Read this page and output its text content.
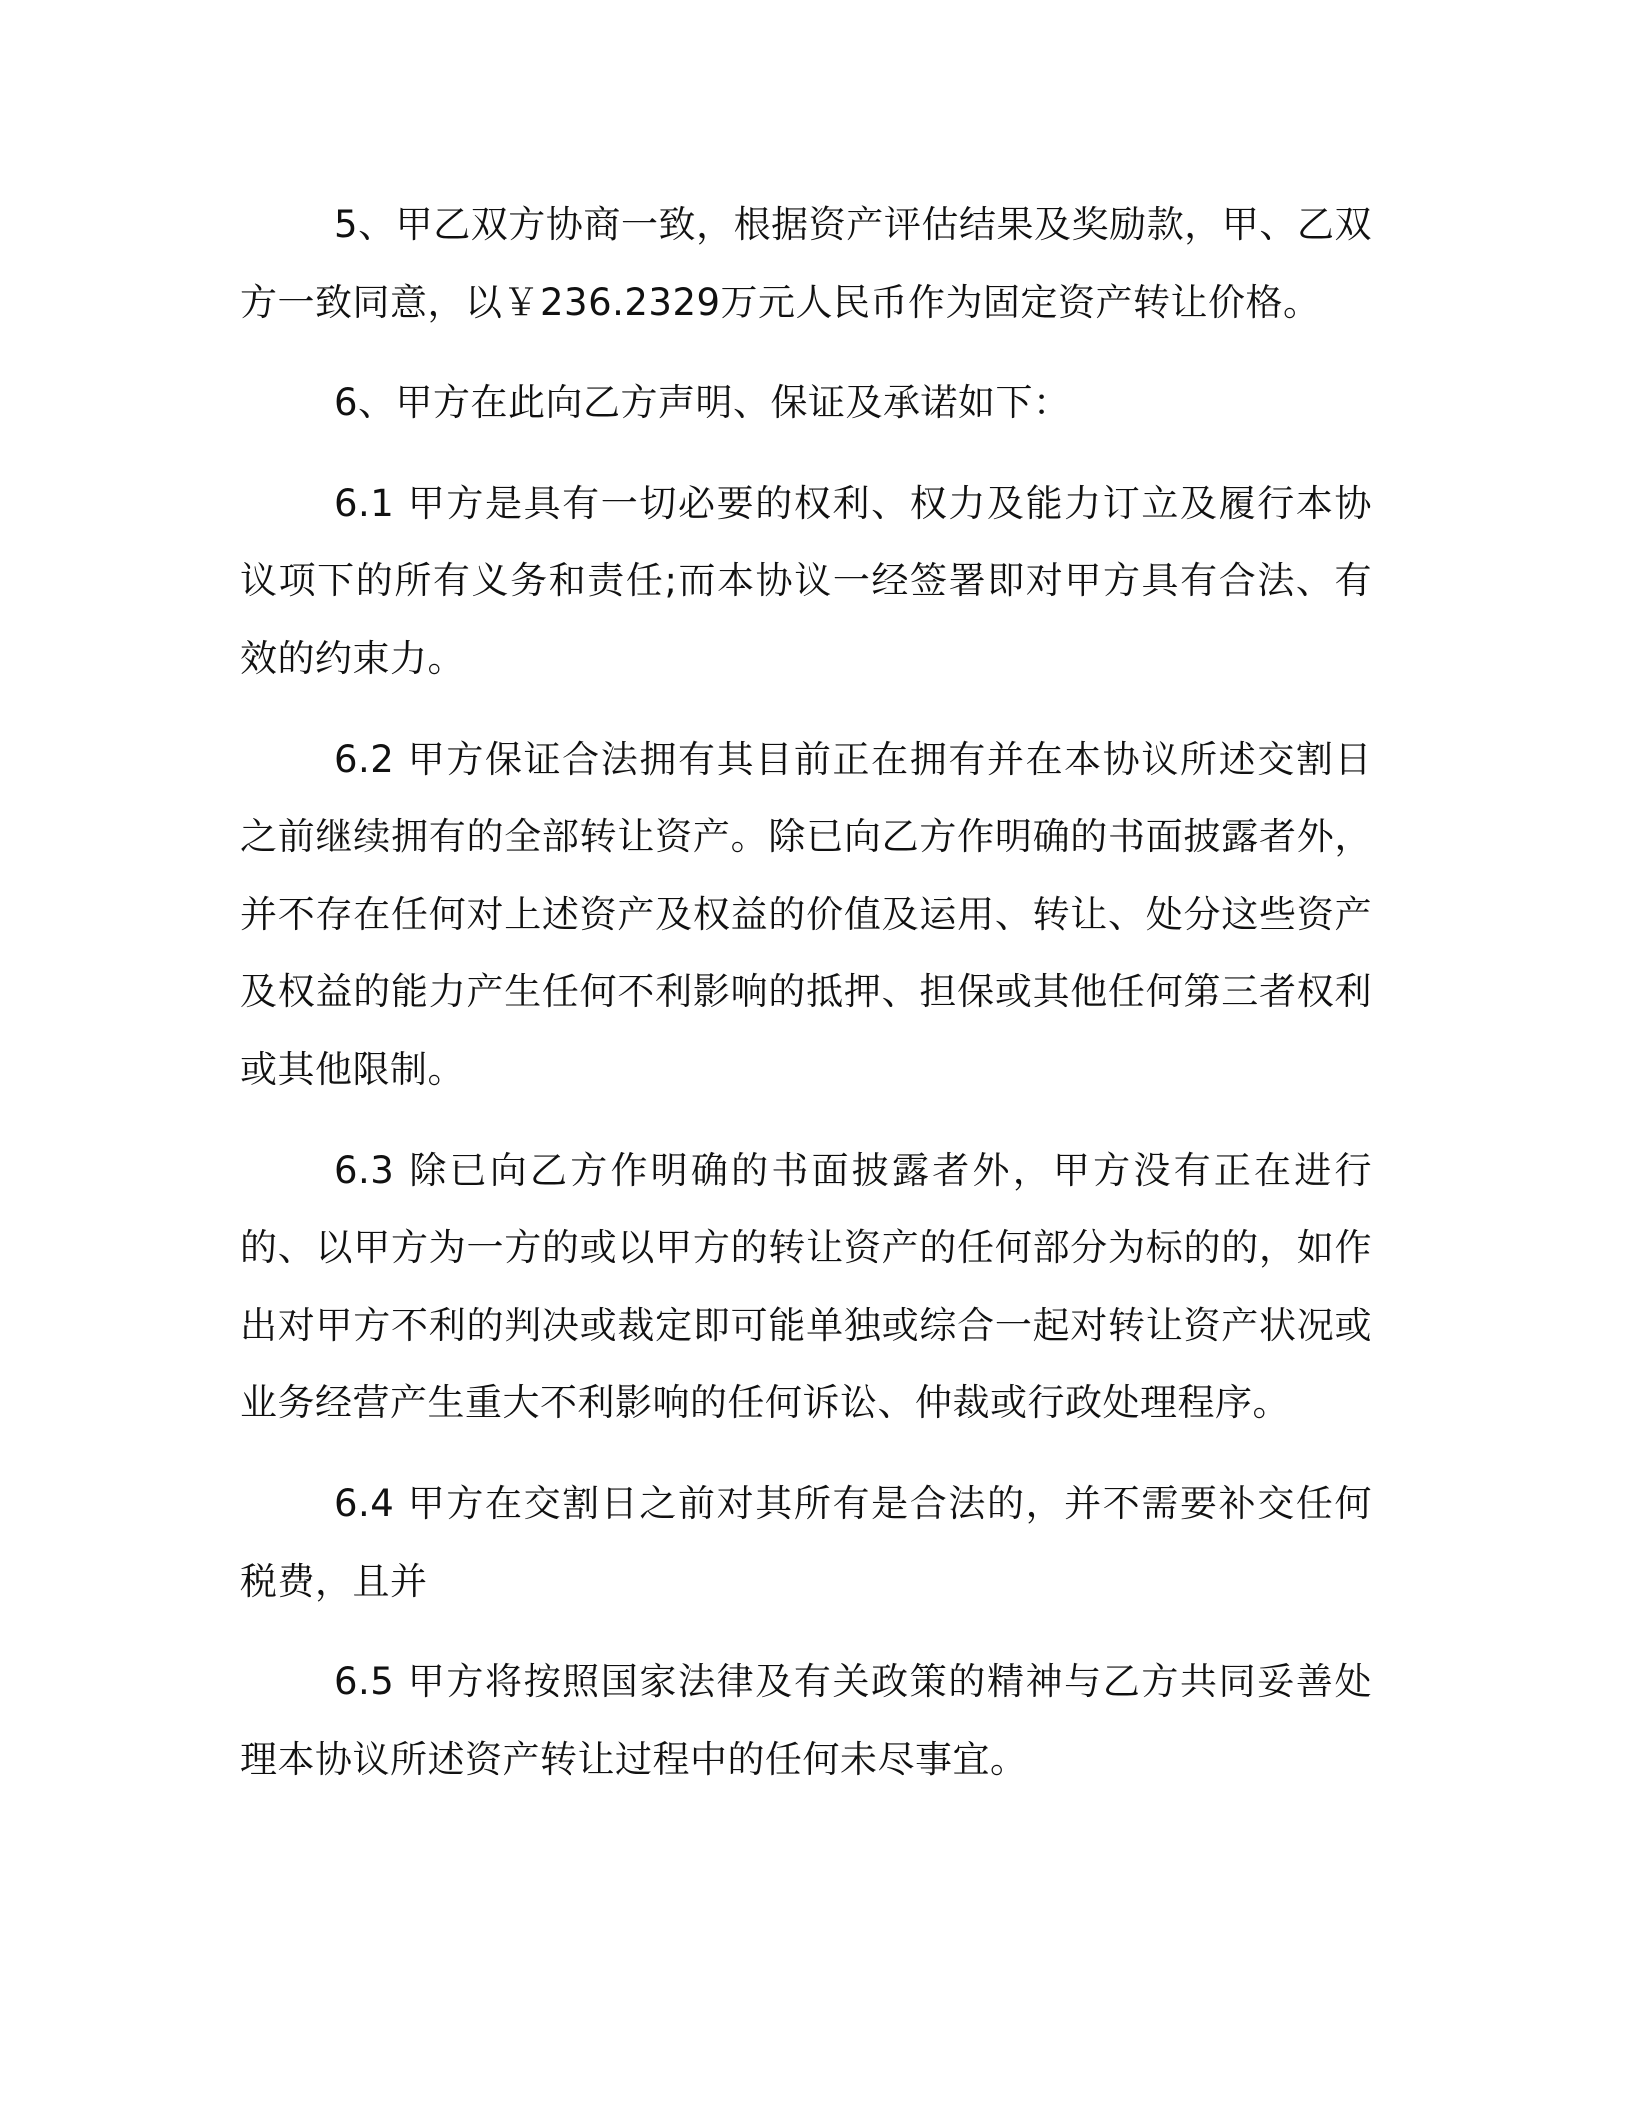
5、甲乙双方协商一致，根据资产评估结果及奖励款，甲、乙双方一致同意，以￥236.2329万元人民币作为固定资产转让价格。

6、甲方在此向乙方声明、保证及承诺如下：

6.1 甲方是具有一切必要的权利、权力及能力订立及履行本协议项下的所有义务和责任;而本协议一经签署即对甲方具有合法、有效的约束力。

6.2 甲方保证合法拥有其目前正在拥有并在本协议所述交割日之前继续拥有的全部转让资产。除已向乙方作明确的书面披露者外，并不存在任何对上述资产及权益的价值及运用、转让、处分这些资产及权益的能力产生任何不利影响的抵押、担保或其他任何第三者权利或其他限制。

6.3 除已向乙方作明确的书面披露者外，甲方没有正在进行的、以甲方为一方的或以甲方的转让资产的任何部分为标的的，如作出对甲方不利的判决或裁定即可能单独或综合一起对转让资产状况或业务经营产生重大不利影响的任何诉讼、仲裁或行政处理程序。

6.4 甲方在交割日之前对其所有是合法的，并不需要补交任何税费，且并

6.5 甲方将按照国家法律及有关政策的精神与乙方共同妥善处理本协议所述资产转让过程中的任何未尽事宜。
